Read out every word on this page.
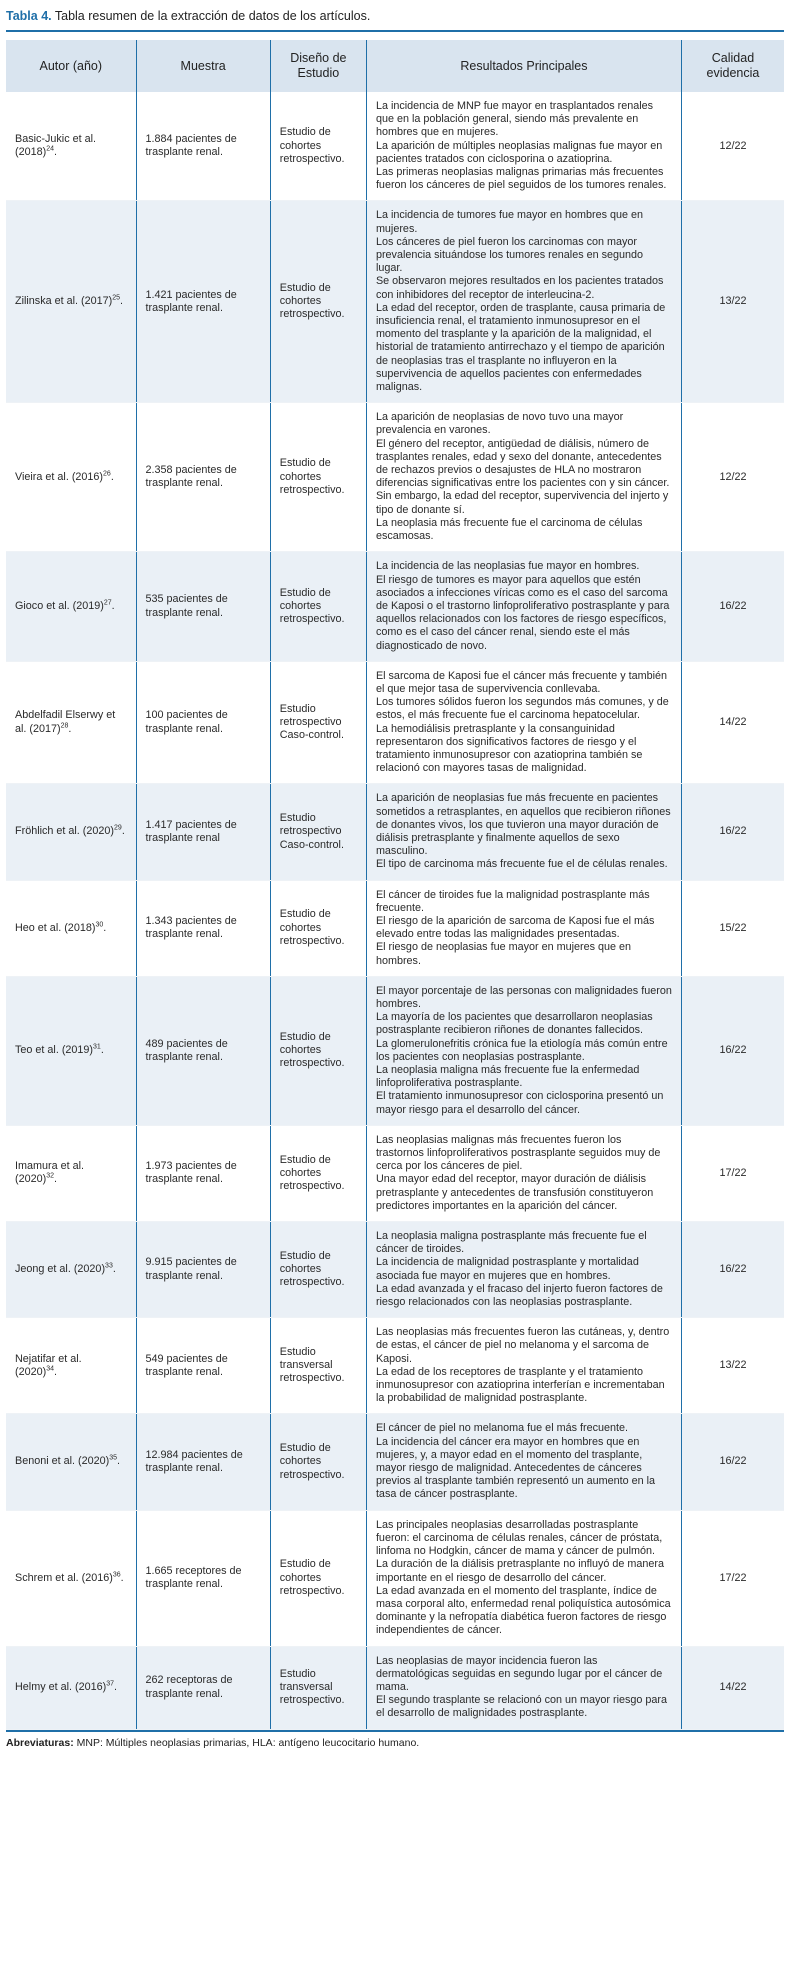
Tabla 4. Tabla resumen de la extracción de datos de los artículos.
Autor (año)	Muestra	Diseño de Estudio	Resultados Principales	Calidad evidencia
Basic-Jukic et al. $(2018)^{24}$.	1.884 pacientes de trasplante renal.	Estudio de cohortes retrospectivo.	La incidencia de MNP fue mayor en trasplantados renales que en la población general, siendo más prevalente en hombres que en mujeres.
La aparición de múltiples neoplasias malignas fue mayor en pacientes tratados con ciclosporina o azatioprina.
Las primeras neoplasias malignas primarias más frecuentes fueron los cánceres de piel seguidos de los tumores renales.	12/22
Zilinska et al. $(2017)^{25}$.	1.421 pacientes de trasplante renal.	Estudio de cohortes retrospectivo.	La incidencia de tumores fue mayor en hombres que en mujeres.
Los cánceres de piel fueron los carcinomas con mayor prevalencia situándose los tumores renales en segundo lugar.
Se observaron mejores resultados en los pacientes tratados con inhibidores del receptor de interleucina-2.
La edad del receptor, orden de trasplante, causa primaria de insuficiencia renal, el tratamiento inmunosupresor en el momento del trasplante y la aparición de la malignidad, el historial de tratamiento antirrechazo y el tiempo de aparición de neoplasias tras el trasplante no influyeron en la supervivencia de aquellos pacientes con enfermedades malignas.	13/22
Vieira et al. $(2016)^{26}$.	2.358 pacientes de trasplante renal.	Estudio de cohortes retrospectivo.	La aparición de neoplasias de novo tuvo una mayor prevalencia en varones.
El género del receptor, antigüedad de diálisis, número de trasplantes renales, edad y sexo del donante, antecedentes de rechazos previos o desajustes de HLA no mostraron diferencias significativas entre los pacientes con y sin cáncer. Sin embargo, la edad del receptor, supervivencia del injerto y tipo de donante sí.
La neoplasia más frecuente fue el carcinoma de células escamosas.	12/22
Gioco et al. $(2019)^{27}$.	535 pacientes de trasplante renal.	Estudio de cohortes retrospectivo.	La incidencia de las neoplasias fue mayor en hombres.
El riesgo de tumores es mayor para aquellos que estén asociados a infecciones víricas como es el caso del sarcoma de Kaposi o el trastorno linfoproliferativo postrasplante y para aquellos relacionados con los factores de riesgo específicos, como es el caso del cáncer renal, siendo este el más diagnosticado de novo.	16/22
Abdelfadil Elserwy et al. $(2017)^{28}$.	100 pacientes de trasplante renal.	Estudio retrospectivo Caso-control.	El sarcoma de Kaposi fue el cáncer más frecuente y también el que mejor tasa de supervivencia conllevaba.
Los tumores sólidos fueron los segundos más comunes, y de estos, el más frecuente fue el carcinoma hepatocelular.
La hemodiálisis pretrasplante y la consanguinidad representaron dos significativos factores de riesgo y el tratamiento inmunosupresor con azatioprina también se relacionó con mayores tasas de malignidad.	14/22
Fröhlich et al. $(2020)^{29}$.	1.417 pacientes de trasplante renal	Estudio retrospectivo Caso-control.	La aparición de neoplasias fue más frecuente en pacientes sometidos a retrasplantes, en aquellos que recibieron riñones de donantes vivos, los que tuvieron una mayor duración de diálisis pretrasplante y finalmente aquellos de sexo masculino.
El tipo de carcinoma más frecuente fue el de células renales.	16/22
Heo et al. $(2018)^{30}$.	1.343 pacientes de trasplante renal.	Estudio de cohortes retrospectivo.	El cáncer de tiroides fue la malignidad postrasplante más frecuente.
El riesgo de la aparición de sarcoma de Kaposi fue el más elevado entre todas las malignidades presentadas.
El riesgo de neoplasias fue mayor en mujeres que en hombres.	15/22
Teo et al. $(2019)^{31}$.	489 pacientes de trasplante renal.	Estudio de cohortes retrospectivo.	El mayor porcentaje de las personas con malignidades fueron hombres.
La mayoría de los pacientes que desarrollaron neoplasias postrasplante recibieron riñones de donantes fallecidos.
La glomerulonefritis crónica fue la etiología más común entre los pacientes con neoplasias postrasplante.
La neoplasia maligna más frecuente fue la enfermedad linfoproliferativa postrasplante.
El tratamiento inmunosupresor con ciclosporina presentó un mayor riesgo para el desarrollo del cáncer.	16/22
Imamura et al. $(2020)^{32}$.	1.973 pacientes de trasplante renal.	Estudio de cohortes retrospectivo.	Las neoplasias malignas más frecuentes fueron los trastornos linfoproliferativos postrasplante seguidos muy de cerca por los cánceres de piel.
Una mayor edad del receptor, mayor duración de diálisis pretrasplante y antecedentes de transfusión constituyeron predictores importantes en la aparición del cáncer.	17/22
Jeong et al. $(2020)^{33}$.	9.915 pacientes de trasplante renal.	Estudio de cohortes retrospectivo.	La neoplasia maligna postrasplante más frecuente fue el cáncer de tiroides.
La incidencia de malignidad postrasplante y mortalidad asociada fue mayor en mujeres que en hombres.
La edad avanzada y el fracaso del injerto fueron factores de riesgo relacionados con las neoplasias postrasplante.	16/22
Nejatifar et al. $(2020)^{34}$.	549 pacientes de trasplante renal.	Estudio transversal retrospectivo.	Las neoplasias más frecuentes fueron las cutáneas, y, dentro de estas, el cáncer de piel no melanoma y el sarcoma de Kaposi.
La edad de los receptores de trasplante y el tratamiento inmunosupresor con azatioprina interferían e incrementaban la probabilidad de malignidad postrasplante.	13/22
Benoni et al. $(2020)^{35}$.	12.984 pacientes de trasplante renal.	Estudio de cohortes retrospectivo.	El cáncer de piel no melanoma fue el más frecuente.
La incidencia del cáncer era mayor en hombres que en mujeres, y, a mayor edad en el momento del trasplante, mayor riesgo de malignidad. Antecedentes de cánceres previos al trasplante también representó un aumento en la tasa de cáncer postrasplante.	16/22
Schrem et al. $(2016)^{36}$.	1.665 receptores de trasplante renal.	Estudio de cohortes retrospectivo.	Las principales neoplasias desarrolladas postrasplante fueron: el carcinoma de células renales, cáncer de próstata, linfoma no Hodgkin, cáncer de mama y cáncer de pulmón.
La duración de la diálisis pretrasplante no influyó de manera importante en el riesgo de desarrollo del cáncer.
La edad avanzada en el momento del trasplante, índice de masa corporal alto, enfermedad renal poliquística autosómica dominante y la nefropatía diabética fueron factores de riesgo independientes de cáncer.	17/22
Helmy et al. $(2016)^{37}$.	262 receptoras de trasplante renal.	Estudio transversal retrospectivo.	Las neoplasias de mayor incidencia fueron las dermatológicas seguidas en segundo lugar por el cáncer de mama.
El segundo trasplante se relacionó con un mayor riesgo para el desarrollo de malignidades postrasplante.	14/22
Abreviaturas: MNP: Múltiples neoplasias primarias, HLA: antígeno leucocitario humano.
